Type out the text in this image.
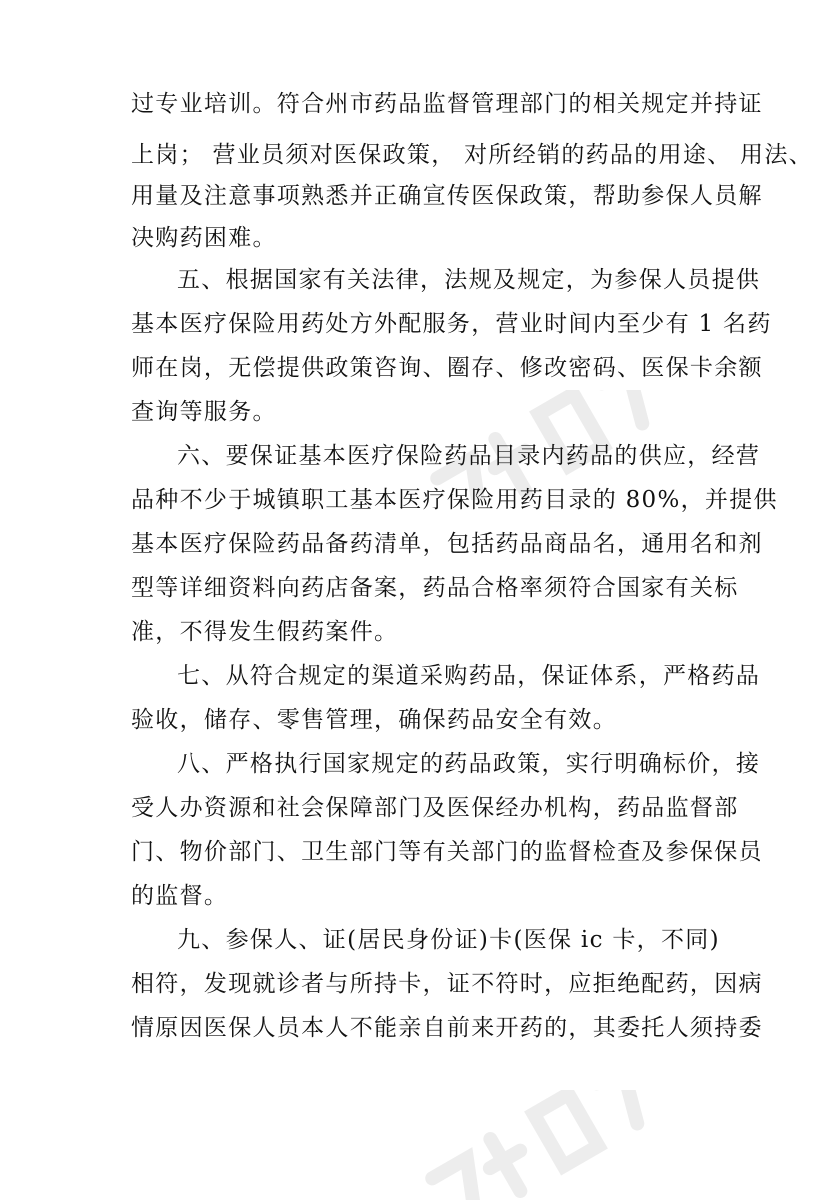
过专业培训。符合州市药品监督管理部门的相关规定并持证
上岗； 营业员须对医保政策， 对所经销的药品的用途、 用法、
用量及注意事项熟悉并正确宣传医保政策，帮助参保人员解
决购药困难。
五、根据国家有关法律，法规及规定，为参保人员提供
基本医疗保险用药处方外配服务，营业时间内至少有 1 名药
师在岗，无偿提供政策咨询、圈存、修改密码、医保卡余额
查询等服务。
六、要保证基本医疗保险药品目录内药品的供应，经营
品种不少于城镇职工基本医疗保险用药目录的 80%，并提供
基本医疗保险药品备药清单，包括药品商品名，通用名和剂
型等详细资料向药店备案，药品合格率须符合国家有关标
准，不得发生假药案件。
七、从符合规定的渠道采购药品，保证体系，严格药品
验收，储存、零售管理，确保药品安全有效。
八、严格执行国家规定的药品政策，实行明确标价，接
受人办资源和社会保障部门及医保经办机构，药品监督部
门、物价部门、卫生部门等有关部门的监督检查及参保保员
的监督。
九、参保人、证(居民身份证)卡(医保 ic 卡，不同)
相符，发现就诊者与所持卡，证不符时，应拒绝配药，因病
情原因医保人员本人不能亲自前来开药的，其委托人须持委
